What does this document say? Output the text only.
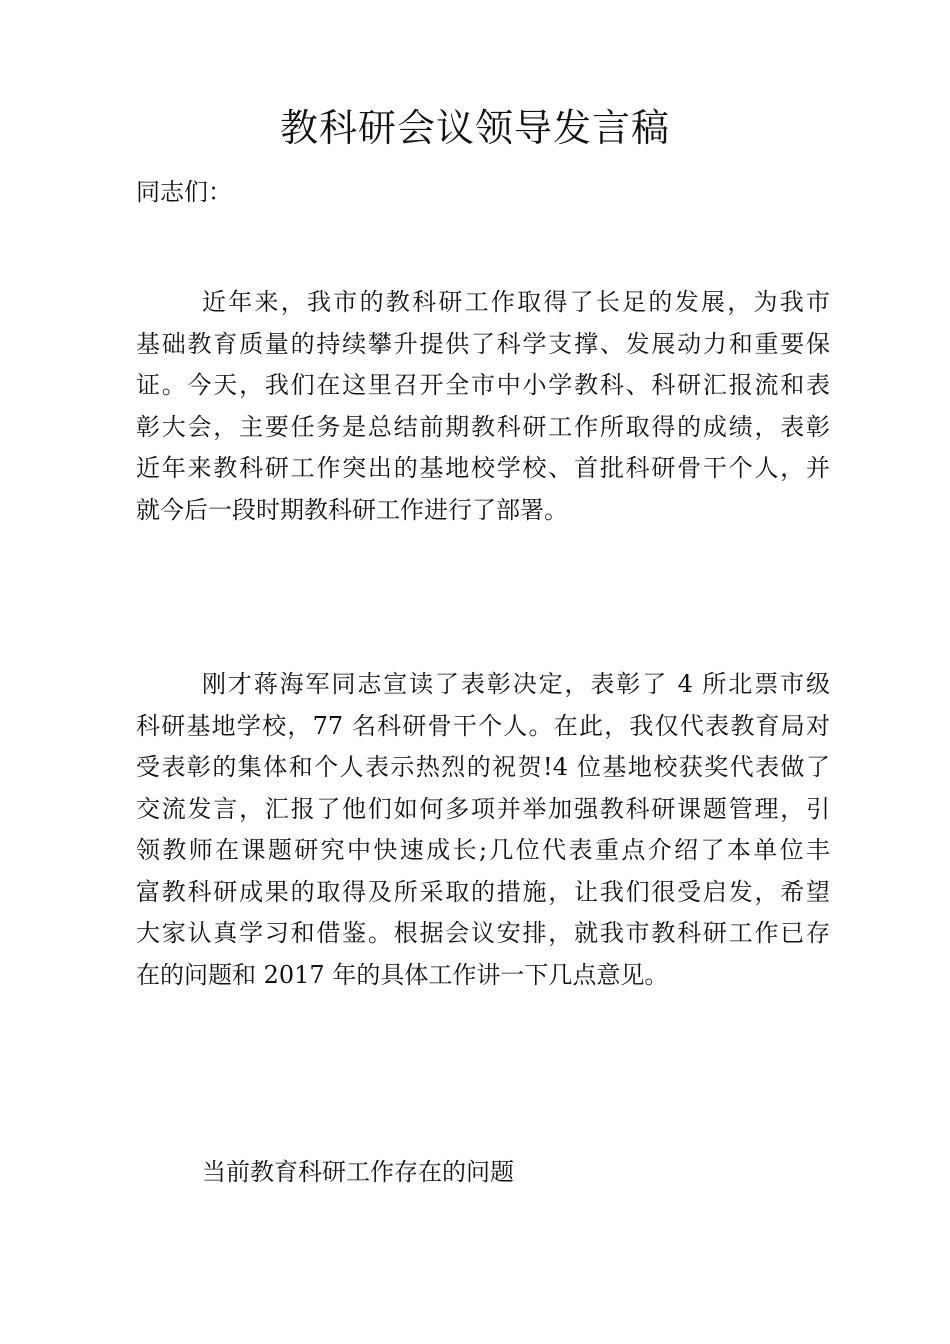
教科研会议领导发言稿

同志们：

近年来，我市的教科研工作取得了长足的发展，为我市
基础教育质量的持续攀升提供了科学支撑、发展动力和重要保
证。今天，我们在这里召开全市中小学教科、科研汇报流和表
彰大会，主要任务是总结前期教科研工作所取得的成绩，表彰
近年来教科研工作突出的基地校学校、首批科研骨干个人，并
就今后一段时期教科研工作进行了部署。
刚才蒋海军同志宣读了表彰决定，表彰了 4 所北票市级
科研基地学校，77 名科研骨干个人。在此，我仅代表教育局对
受表彰的集体和个人表示热烈的祝贺!4 位基地校获奖代表做了
交流发言，汇报了他们如何多项并举加强教科研课题管理，引
领教师在课题研究中快速成长;几位代表重点介绍了本单位丰
富教科研成果的取得及所采取的措施，让我们很受启发，希望
大家认真学习和借鉴。根据会议安排，就我市教科研工作已存
在的问题和 2017 年的具体工作讲一下几点意见。

当前教育科研工作存在的问题
